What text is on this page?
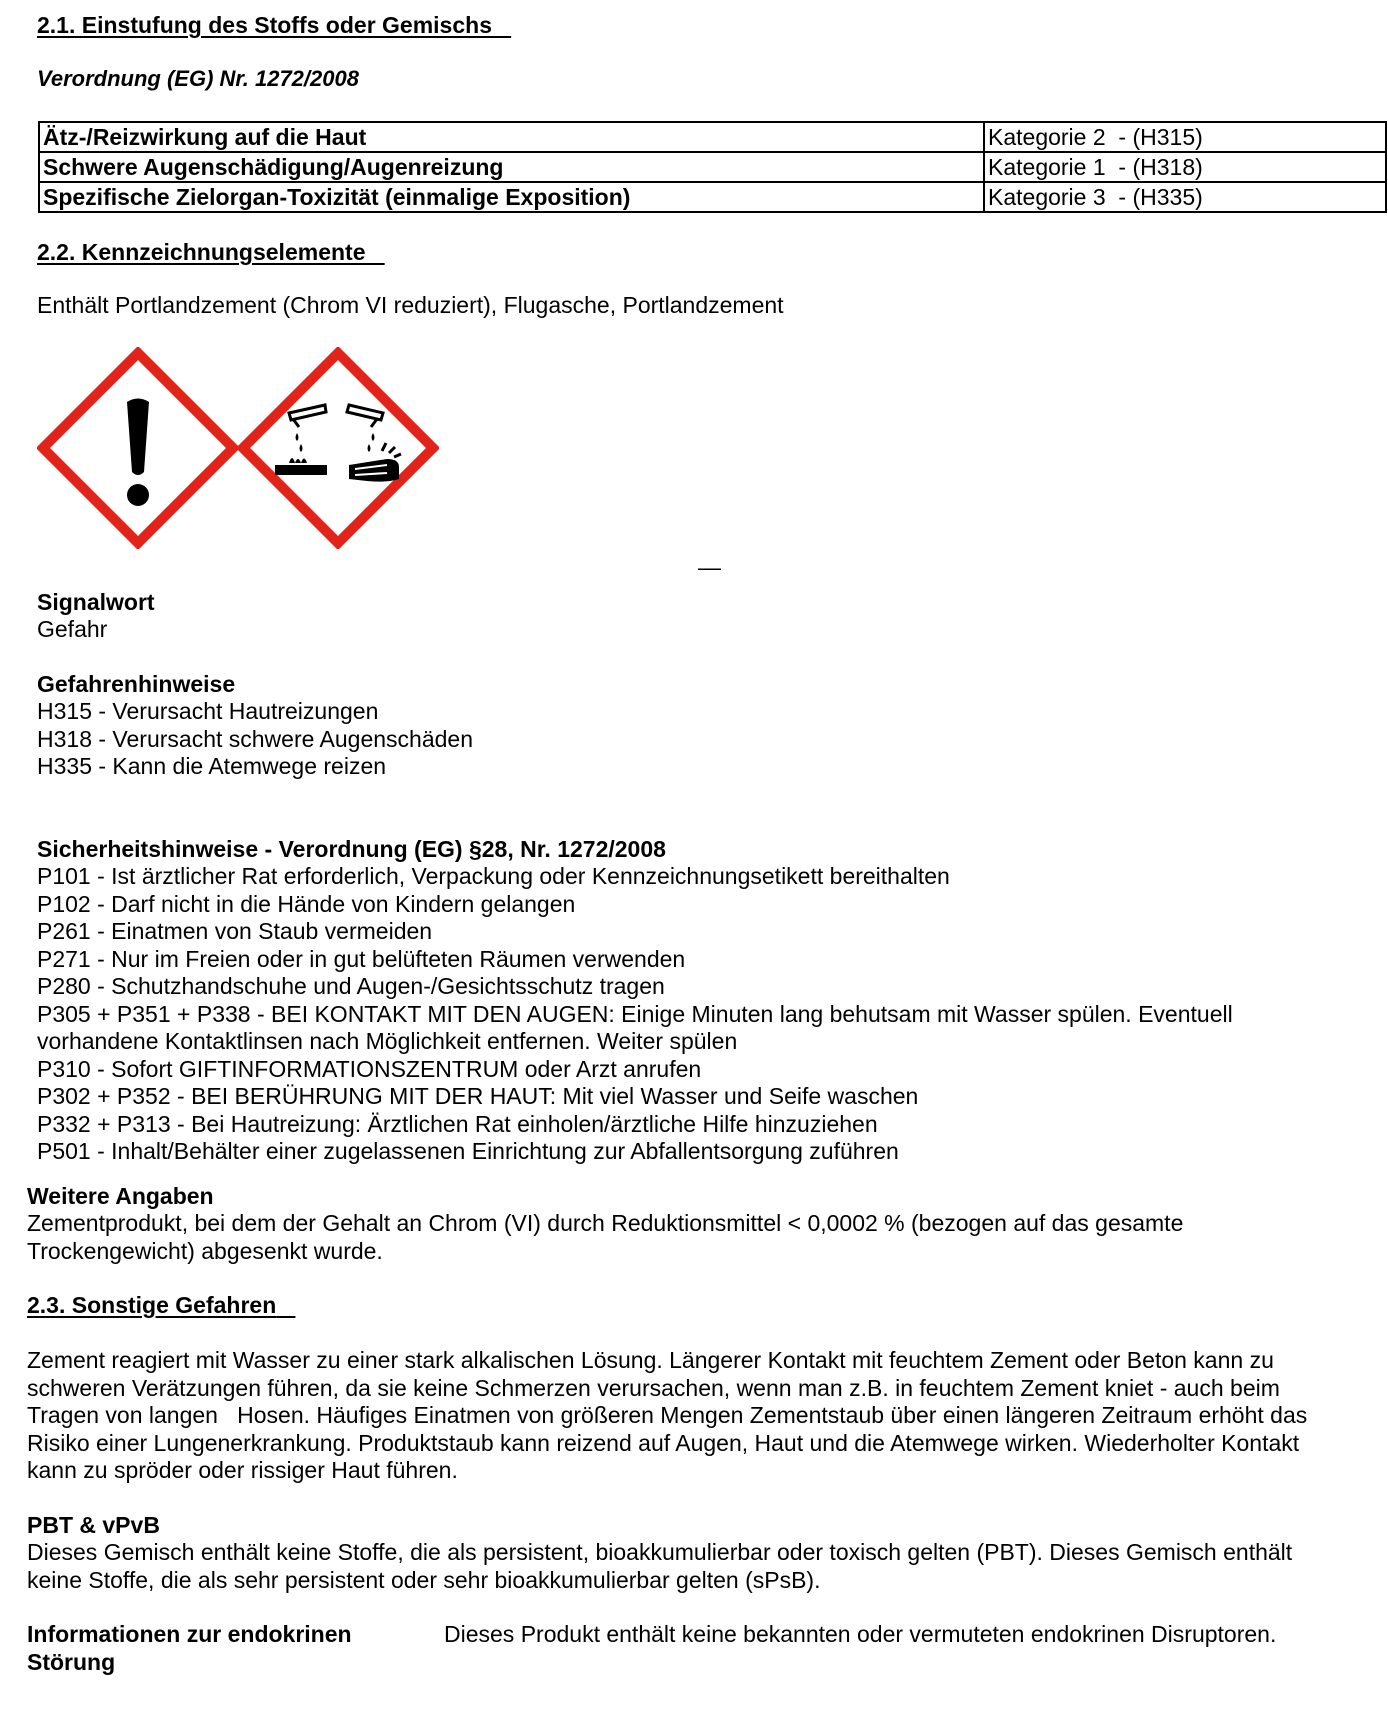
2.1. Einstufung des Stoffs oder Gemischs
Verordnung (EG) Nr. 1272/2008
Ätz-/Reizwirkung auf die Haut	Kategorie 2  - (H315)
Schwere Augenschädigung/Augenreizung	Kategorie 1  - (H318)
Spezifische Zielorgan-Toxizität (einmalige Exposition)	Kategorie 3  - (H335)
2.2. Kennzeichnungselemente
Enthält Portlandzement (Chrom VI reduziert), Flugasche, Portlandzement
—
Signalwort
Gefahr
Gefahrenhinweise
H315 - Verursacht Hautreizungen
H318 - Verursacht schwere Augenschäden
H335 - Kann die Atemwege reizen
Sicherheitshinweise - Verordnung (EG) §28, Nr. 1272/2008
P101 - Ist ärztlicher Rat erforderlich, Verpackung oder Kennzeichnungsetikett bereithalten
P102 - Darf nicht in die Hände von Kindern gelangen
P261 - Einatmen von Staub vermeiden
P271 - Nur im Freien oder in gut belüfteten Räumen verwenden
P280 - Schutzhandschuhe und Augen-/Gesichtsschutz tragen
P305 + P351 + P338 - BEI KONTAKT MIT DEN AUGEN: Einige Minuten lang behutsam mit Wasser spülen. Eventuell
vorhandene Kontaktlinsen nach Möglichkeit entfernen. Weiter spülen
P310 - Sofort GIFTINFORMATIONSZENTRUM oder Arzt anrufen
P302 + P352 - BEI BERÜHRUNG MIT DER HAUT: Mit viel Wasser und Seife waschen
P332 + P313 - Bei Hautreizung: Ärztlichen Rat einholen/ärztliche Hilfe hinzuziehen
P501 - Inhalt/Behälter einer zugelassenen Einrichtung zur Abfallentsorgung zuführen
Weitere Angaben
Zementprodukt, bei dem der Gehalt an Chrom (VI) durch Reduktionsmittel < 0,0002 % (bezogen auf das gesamte
Trockengewicht) abgesenkt wurde.
2.3. Sonstige Gefahren
Zement reagiert mit Wasser zu einer stark alkalischen Lösung. Längerer Kontakt mit feuchtem Zement oder Beton kann zu
schweren Verätzungen führen, da sie keine Schmerzen verursachen, wenn man z.B. in feuchtem Zement kniet - auch beim
Tragen von langen   Hosen. Häufiges Einatmen von größeren Mengen Zementstaub über einen längeren Zeitraum erhöht das
Risiko einer Lungenerkrankung. Produktstaub kann reizend auf Augen, Haut und die Atemwege wirken. Wiederholter Kontakt
kann zu spröder oder rissiger Haut führen.
PBT & vPvB
Dieses Gemisch enthält keine Stoffe, die als persistent, bioakkumulierbar oder toxisch gelten (PBT). Dieses Gemisch enthält
keine Stoffe, die als sehr persistent oder sehr bioakkumulierbar gelten (sPsB).
Informationen zur endokrinen
Störung
Dieses Produkt enthält keine bekannten oder vermuteten endokrinen Disruptoren.
